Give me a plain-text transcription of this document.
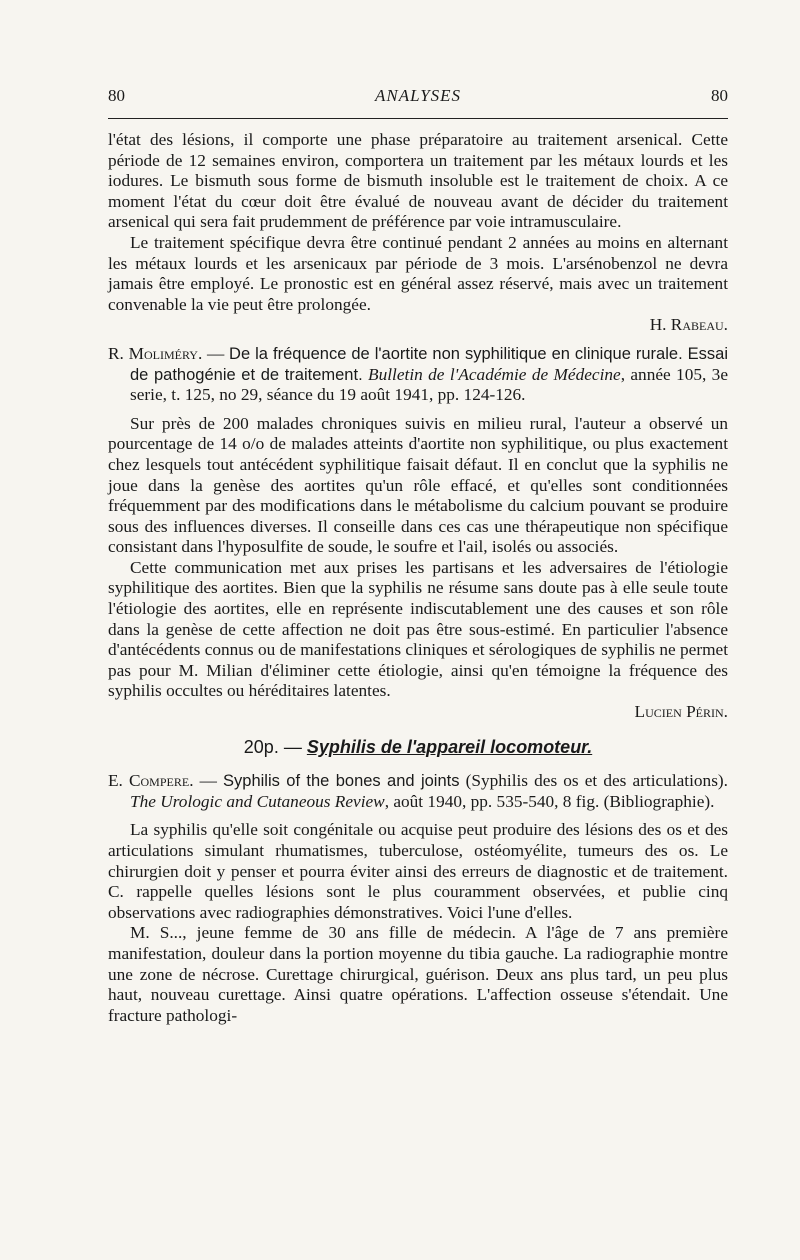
80	ANALYSES	80

l'état des lésions, il comporte une phase préparatoire au traitement arsenical. Cette période de 12 semaines environ, comportera un traitement par les métaux lourds et les iodures. Le bismuth sous forme de bismuth insoluble est le traitement de choix. A ce moment l'état du cœur doit être évalué de nouveau avant de décider du traitement arsenical qui sera fait prudemment de préférence par voie intramusculaire.

Le traitement spécifique devra être continué pendant 2 années au moins en alternant les métaux lourds et les arsenicaux par période de 3 mois. L'arsénobenzol ne devra jamais être employé. Le pronostic est en général assez réservé, mais avec un traitement convenable la vie peut être prolongée.

H. Rabeau.

R. Moliméry. — De la fréquence de l'aortite non syphilitique en clinique rurale. Essai de pathogénie et de traitement. Bulletin de l'Académie de Médecine, année 105, 3e serie, t. 125, no 29, séance du 19 août 1941, pp. 124-126.

Sur près de 200 malades chroniques suivis en milieu rural, l'auteur a observé un pourcentage de 14 o/o de malades atteints d'aortite non syphilitique, ou plus exactement chez lesquels tout antécédent syphilitique faisait défaut. Il en conclut que la syphilis ne joue dans la genèse des aortites qu'un rôle effacé, et qu'elles sont conditionnées fréquemment par des modifications dans le métabolisme du calcium pouvant se produire sous des influences diverses. Il conseille dans ces cas une thérapeutique non spécifique consistant dans l'hyposulfite de soude, le soufre et l'ail, isolés ou associés.

Cette communication met aux prises les partisans et les adversaires de l'étiologie syphilitique des aortites. Bien que la syphilis ne résume sans doute pas à elle seule toute l'étiologie des aortites, elle en représente indiscutablement une des causes et son rôle dans la genèse de cette affection ne doit pas être sous-estimé. En particulier l'absence d'antécédents connus ou de manifestations cliniques et sérologiques de syphilis ne permet pas pour M. Milian d'éliminer cette étiologie, ainsi qu'en témoigne la fréquence des syphilis occultes ou héréditaires latentes.

Lucien Périn.

20p. — Syphilis de l'appareil locomoteur.

E. Compere. — Syphilis of the bones and joints (Syphilis des os et des articulations). The Urologic and Cutaneous Review, août 1940, pp. 535-540, 8 fig. (Bibliographie).

La syphilis qu'elle soit congénitale ou acquise peut produire des lésions des os et des articulations simulant rhumatismes, tuberculose, ostéomyélite, tumeurs des os. Le chirurgien doit y penser et pourra éviter ainsi des erreurs de diagnostic et de traitement. C. rappelle quelles lésions sont le plus couramment observées, et publie cinq observations avec radiographies démonstratives. Voici l'une d'elles.

M. S..., jeune femme de 30 ans fille de médecin. A l'âge de 7 ans première manifestation, douleur dans la portion moyenne du tibia gauche. La radiographie montre une zone de nécrose. Curettage chirurgical, guérison. Deux ans plus tard, un peu plus haut, nouveau curettage. Ainsi quatre opérations. L'affection osseuse s'étendait. Une fracture pathologi-
